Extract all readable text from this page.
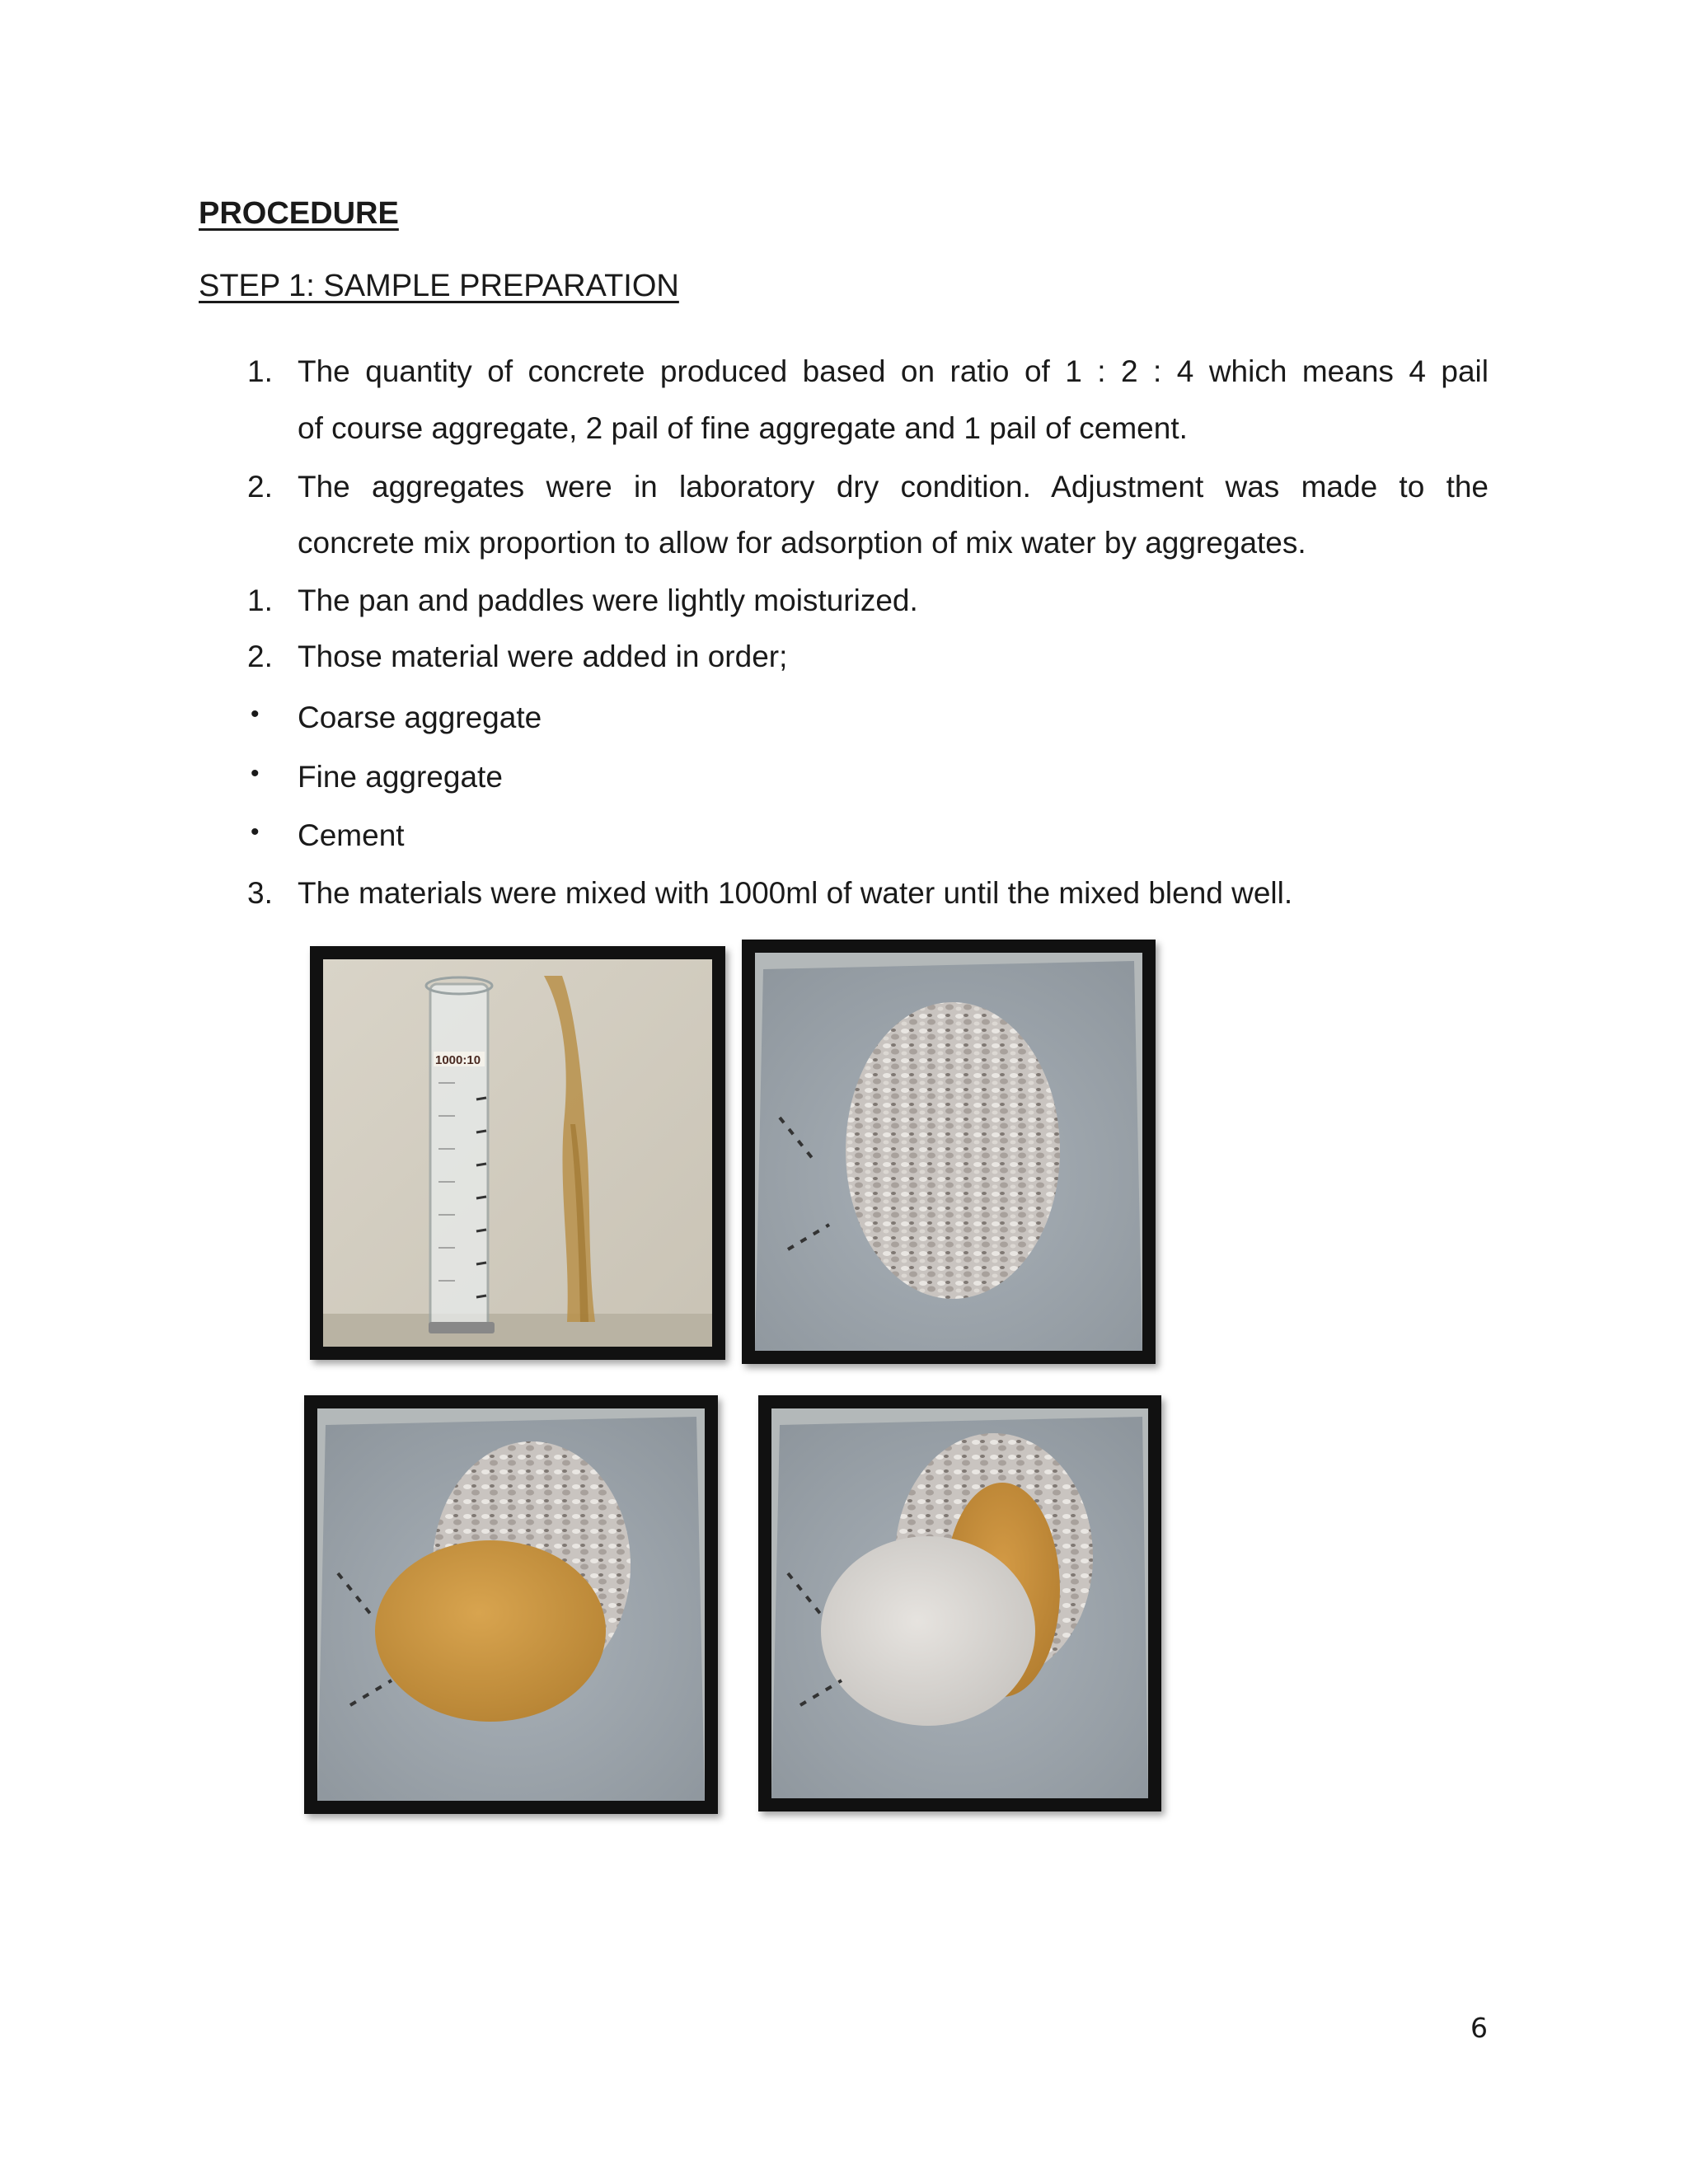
PROCEDURE
STEP 1: SAMPLE PREPARATION
1. The quantity of concrete produced based on ratio of 1 : 2 : 4 which means 4 pail
of course aggregate, 2 pail of fine aggregate and 1 pail of cement.
2. The aggregates were in laboratory dry condition. Adjustment was made to the
concrete mix proportion to allow for adsorption of mix water by aggregates.
1. The pan and paddles were lightly moisturized.
2. Those material were added in order;
• Coarse aggregate
• Fine aggregate
• Cement
3. The materials were mixed with 1000ml of water until the mixed blend well.
1000:10
6
